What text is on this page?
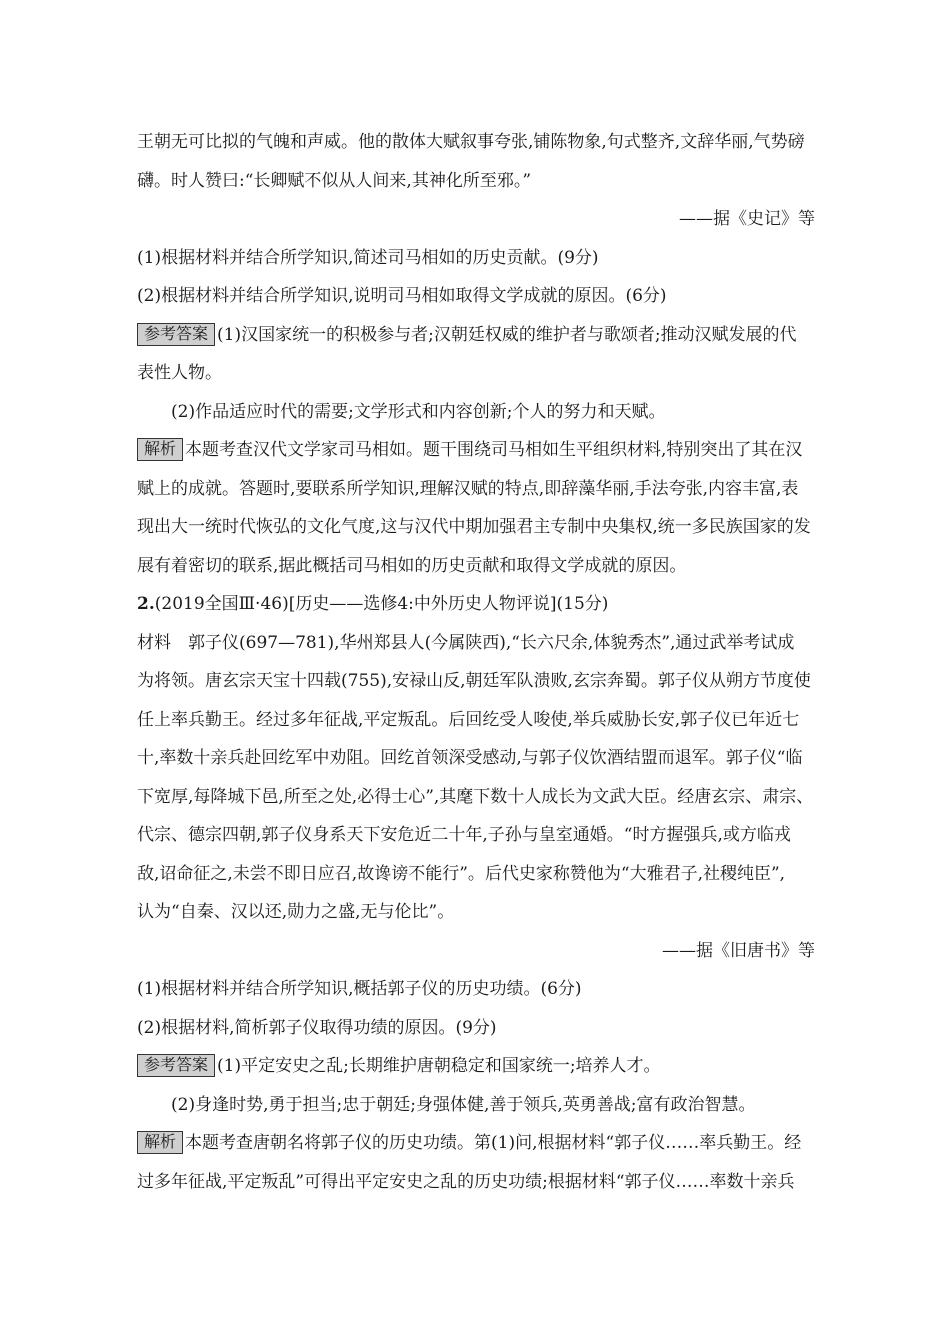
王朝无可比拟的气魄和声威。他的散体大赋叙事夸张,铺陈物象,句式整齐,文辞华丽,气势磅

礴。时人赞曰:“长卿赋不似从人间来,其神化所至邪。”

——据《史记》等

(1)根据材料并结合所学知识,简述司马相如的历史贡献。(9分)

(2)根据材料并结合所学知识,说明司马相如取得文学成就的原因。(6分)

参考答案 (1)汉国家统一的积极参与者;汉朝廷权威的维护者与歌颂者;推动汉赋发展的代

表性人物。

(2)作品适应时代的需要;文学形式和内容创新;个人的努力和天赋。

解析 本题考查汉代文学家司马相如。题干围绕司马相如生平组织材料,特别突出了其在汉

赋上的成就。答题时,要联系所学知识,理解汉赋的特点,即辞藻华丽,手法夸张,内容丰富,表

现出大一统时代恢弘的文化气度,这与汉代中期加强君主专制中央集权,统一多民族国家的发

展有着密切的联系,据此概括司马相如的历史贡献和取得文学成就的原因。

2.(2019全国Ⅲ·46)[历史——选修4:中外历史人物评说](15分)

材料　郭子仪(697—781),华州郑县人(今属陕西),“长六尺余,体貌秀杰”,通过武举考试成

为将领。唐玄宗天宝十四载(755),安禄山反,朝廷军队溃败,玄宗奔蜀。郭子仪从朔方节度使

任上率兵勤王。经过多年征战,平定叛乱。后回纥受人唆使,举兵威胁长安,郭子仪已年近七

十,率数十亲兵赴回纥军中劝阻。回纥首领深受感动,与郭子仪饮酒结盟而退军。郭子仪“临

下宽厚,每降城下邑,所至之处,必得士心”,其麾下数十人成长为文武大臣。经唐玄宗、肃宗、

代宗、德宗四朝,郭子仪身系天下安危近二十年,子孙与皇室通婚。“时方握强兵,或方临戎

敌,诏命征之,未尝不即日应召,故谗谤不能行”。后代史家称赞他为“大雅君子,社稷纯臣”,

认为“自秦、汉以还,勋力之盛,无与伦比”。

——据《旧唐书》等

(1)根据材料并结合所学知识,概括郭子仪的历史功绩。(6分)

(2)根据材料,简析郭子仪取得功绩的原因。(9分)

参考答案 (1)平定安史之乱;长期维护唐朝稳定和国家统一;培养人才。

(2)身逢时势,勇于担当;忠于朝廷;身强体健,善于领兵,英勇善战;富有政治智慧。

解析 本题考查唐朝名将郭子仪的历史功绩。第(1)问,根据材料“郭子仪……率兵勤王。经

过多年征战,平定叛乱”可得出平定安史之乱的历史功绩;根据材料“郭子仪……率数十亲兵
